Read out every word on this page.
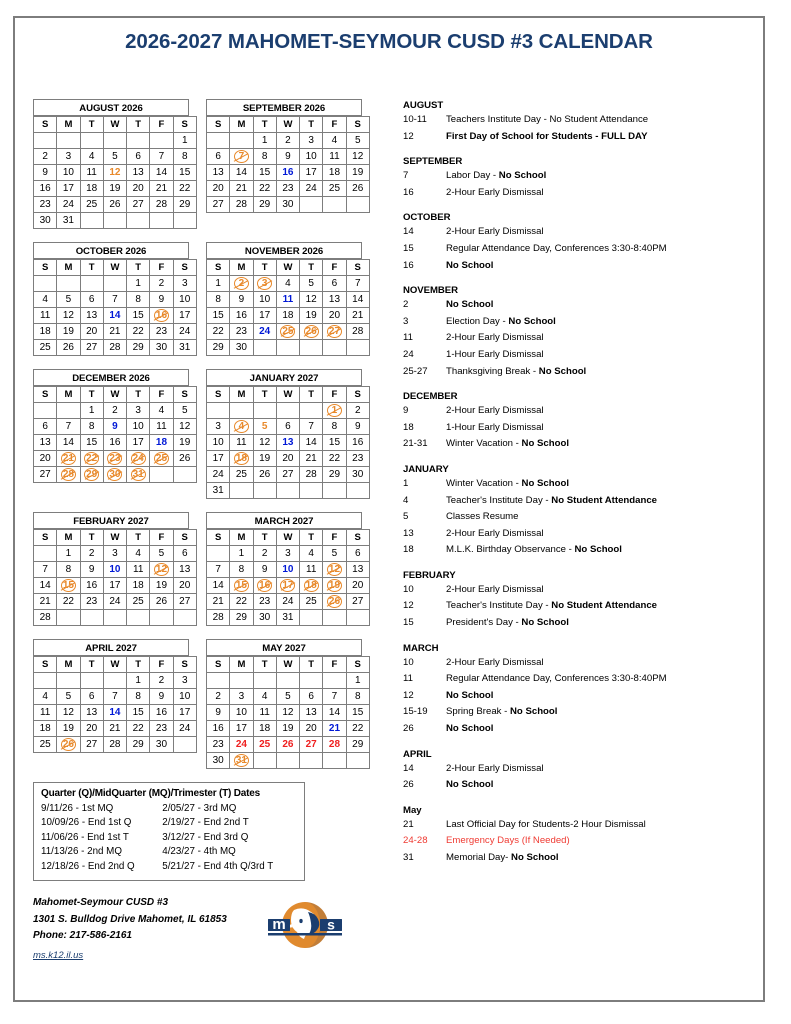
2026-2027 MAHOMET-SEYMOUR CUSD #3 CALENDAR
AUGUST 2026
S	M	T	W	T	F	S
						1
2	3	4	5	6	7	8
9	10	11	12	13	14	15
16	17	18	19	20	21	22
23	24	25	26	27	28	29
30	31					
SEPTEMBER 2026
S	M	T	W	T	F	S
		1	2	3	4	5
6	7	8	9	10	11	12
13	14	15	16	17	18	19
20	21	22	23	24	25	26
27	28	29	30			
OCTOBER 2026
S	M	T	W	T	F	S
				1	2	3
4	5	6	7	8	9	10
11	12	13	14	15	16	17
18	19	20	21	22	23	24
25	26	27	28	29	30	31
NOVEMBER 2026
S	M	T	W	T	F	S
1	2	3	4	5	6	7
8	9	10	11	12	13	14
15	16	17	18	19	20	21
22	23	24	25	26	27	28
29	30					
DECEMBER 2026
S	M	T	W	T	F	S
		1	2	3	4	5
6	7	8	9	10	11	12
13	14	15	16	17	18	19
20	21	22	23	24	25	26
27	28	29	30	31		
JANUARY 2027
S	M	T	W	T	F	S
					1	2
3	4	5	6	7	8	9
10	11	12	13	14	15	16
17	18	19	20	21	22	23
24	25	26	27	28	29	30
31						
FEBRUARY 2027
S	M	T	W	T	F	S
	1	2	3	4	5	6
7	8	9	10	11	12	13
14	15	16	17	18	19	20
21	22	23	24	25	26	27
28						
MARCH 2027
S	M	T	W	T	F	S
	1	2	3	4	5	6
7	8	9	10	11	12	13
14	15	16	17	18	19	20
21	22	23	24	25	26	27
28	29	30	31			
APRIL 2027
S	M	T	W	T	F	S
				1	2	3
4	5	6	7	8	9	10
11	12	13	14	15	16	17
18	19	20	21	22	23	24
25	26	27	28	29	30	
MAY 2027
S	M	T	W	T	F	S
						1
2	3	4	5	6	7	8
9	10	11	12	13	14	15
16	17	18	19	20	21	22
23	24	25	26	27	28	29
30	31					
Quarter (Q)/MidQuarter (MQ)/Trimester (T) Dates
9/11/26 - 1st MQ	2/05/27 - 3rd MQ
10/09/26 - End 1st Q	2/19/27 - End 2nd T
11/06/26 - End 1st T	3/12/27 - End 3rd Q
11/13/26 - 2nd MQ	4/23/27 - 4th MQ
12/18/26 - End 2nd Q	5/21/27 - End 4th Q/3rd T
Mahomet-Seymour CUSD #3
1301 S. Bulldog Drive Mahomet, IL 61853
Phone: 217-586-2161
ms.k12.il.us
m s
AUGUST
10-11	Teachers Institute Day - No Student Attendance
12	First Day of School for Students - FULL DAY
SEPTEMBER
7	Labor Day - No School
16	2-Hour Early Dismissal
OCTOBER
14	2-Hour Early Dismissal
15	Regular Attendance Day, Conferences 3:30-8:40PM
16	No School
NOVEMBER
2	No School
3	Election Day - No School
11	2-Hour Early Dismissal
24	1-Hour Early Dismissal
25-27	Thanksgiving Break - No School
DECEMBER
9	2-Hour Early Dismissal
18	1-Hour Early Dismissal
21-31	Winter Vacation - No School
JANUARY
1	Winter Vacation - No School
4	Teacher's Institute Day - No Student Attendance
5	Classes Resume
13	2-Hour Early Dismissal
18	M.L.K. Birthday Observance - No School
FEBRUARY
10	2-Hour Early Dismissal
12	Teacher's Institute Day - No Student Attendance
15	President's Day - No School
MARCH
10	2-Hour Early Dismissal
11	Regular Attendance Day, Conferences 3:30-8:40PM
12	No School
15-19	Spring Break - No School
26	No School
APRIL
14	2-Hour Early Dismissal
26	No School
May
21	Last Official Day for Students-2 Hour Dismissal
24-28	Emergency Days (If Needed)
31	Memorial Day- No School
